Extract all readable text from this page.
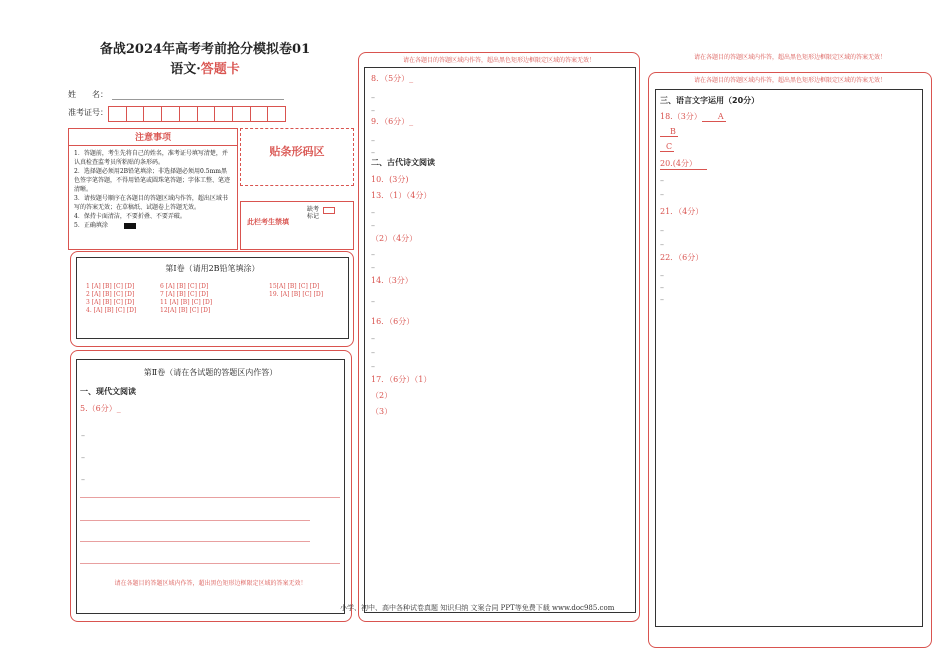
备战2024年高考考前抢分模拟卷01
语文·答题卡
姓　　名：
准考证号：
注意事项
1．答题前，考生先将自己的姓名，准考证号填写清楚，并认真检查监考员所粘贴的条形码。
2．选择题必须用2B铅笔填涂；非选择题必须用0.5mm黑色签字笔答题，不得用铅笔或圆珠笔答题；字体工整、笔迹清晰。
3．请按题号顺序在各题目的答题区域内作答，超出区域书写的答案无效；在草稿纸、试题卷上答题无效。
4．保持卡面清洁，不要折叠、不要弄破。
5．正确填涂
贴条形码区
此栏考生禁填
缺考标记
第Ⅰ卷（请用2B铅笔填涂）
1 [A] [B] [C] [D]
2 [A] [B] [C] [D]
3 [A] [B] [C] [D]
4. [A] [B] [C] [D]
6 [A] [B] [C] [D]
7 [A] [B] [C] [D]
11 [A] [B] [C] [D]
12[A] [B] [C] [D]
15[A] [B] [C] [D]
19. [A] [B] [C] [D]
第Ⅱ卷（请在各试题的答题区内作答）
一、现代文阅读
5.（6分）_
–
–
–
请在各题目的答题区域内作答，超出黑色矩形边框限定区域的答案无效！
请在各题目的答题区域内作答，超出黑色矩形边框限定区域的答案无效！
8．（5分）_
–
–
9．（6分）_
–
–
二、古代诗文阅读
10．(3分)
13．（1）（4分）
–
–
（2）（4分）
–
–
14.（3分）
–
16．（6分）
–
–
–
17．（6分）（1）
（2）
（3）
小学、初中、高中各种试卷真题 知识归纳 文案合同 PPT等免费下载 www.doc985.com
请在各题目的答题区域内作答，超出黑色矩形边框限定区域的答案无效！
请在各题目的答题区域内作答，超出黑色矩形边框限定区域的答案无效！
三、语言文字运用（20分）
18.（3分） A
B
C
20.(4分）
–
–
21．（4分）
–
–
22．（6分）
–
–
–
